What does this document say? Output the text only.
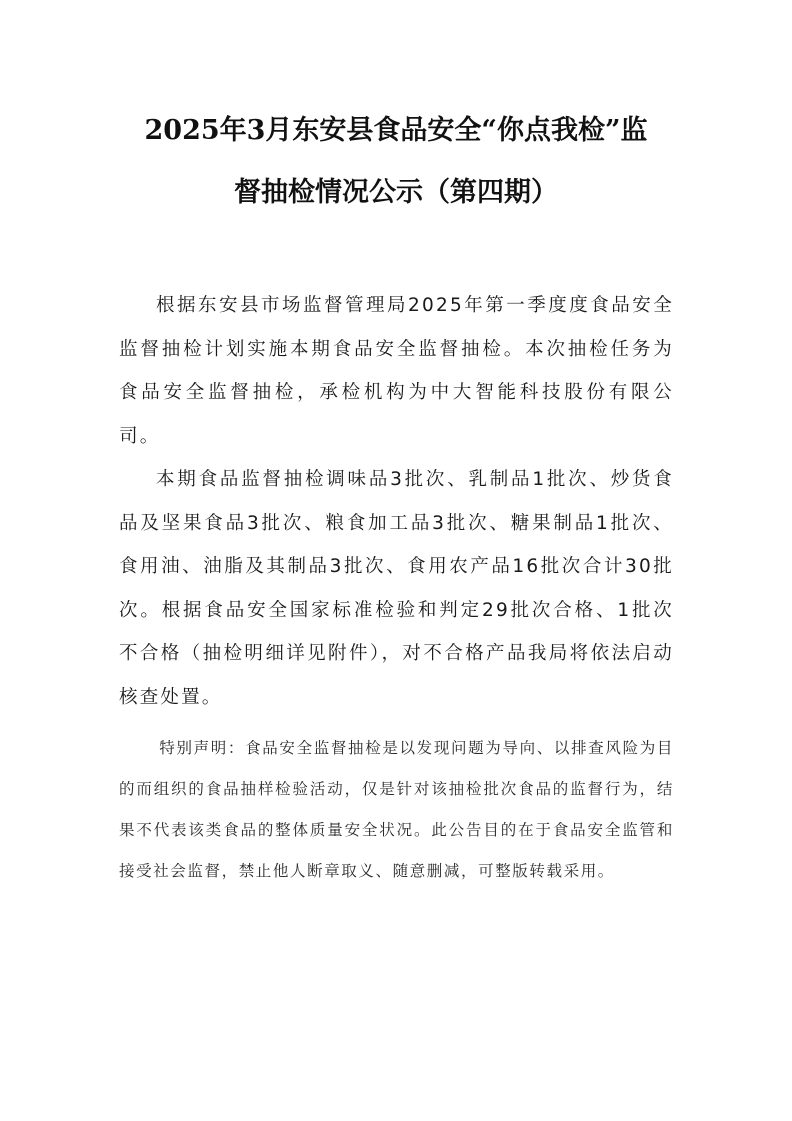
2025年3月东安县食品安全“你点我检”监
督抽检情况公示（第四期）

根据东安县市场监督管理局2025年第一季度度食品安全监督抽检计划实施本期食品安全监督抽检。本次抽检任务为食品安全监督抽检，承检机构为中大智能科技股份有限公司。

本期食品监督抽检调味品3批次、乳制品1批次、炒货食品及坚果食品3批次、粮食加工品3批次、糖果制品1批次、食用油、油脂及其制品3批次、食用农产品16批次合计30批次。根据食品安全国家标准检验和判定29批次合格、1批次不合格（抽检明细详见附件），对不合格产品我局将依法启动核查处置。

特别声明：食品安全监督抽检是以发现问题为导向、以排查风险为目的而组织的食品抽样检验活动，仅是针对该抽检批次食品的监督行为，结果不代表该类食品的整体质量安全状况。此公告目的在于食品安全监管和接受社会监督，禁止他人断章取义、随意删减，可整版转载采用。
